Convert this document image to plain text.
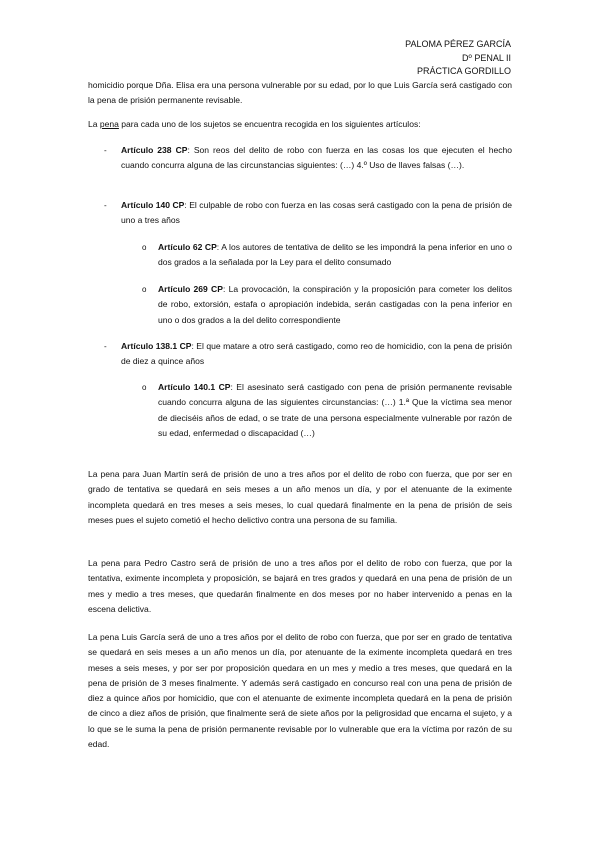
PALOMA PÉREZ GARCÍA
Dº PENAL II
PRÁCTICA GORDILLO

homicidio porque Dña. Elisa era una persona vulnerable por su edad, por lo que Luis García será castigado con la pena de prisión permanente revisable.

La pena para cada uno de los sujetos se encuentra recogida en los siguientes artículos:

- Artículo 238 CP: Son reos del delito de robo con fuerza en las cosas los que ejecuten el hecho cuando concurra alguna de las circunstancias siguientes: (…) 4.º Uso de llaves falsas (…).

- Artículo 140 CP: El culpable de robo con fuerza en las cosas será castigado con la pena de prisión de uno a tres años

o Artículo 62 CP: A los autores de tentativa de delito se les impondrá la pena inferior en uno o dos grados a la señalada por la Ley para el delito consumado

o Artículo 269 CP: La provocación, la conspiración y la proposición para cometer los delitos de robo, extorsión, estafa o apropiación indebida, serán castigadas con la pena inferior en uno o dos grados a la del delito correspondiente

- Artículo 138.1 CP: El que matare a otro será castigado, como reo de homicidio, con la pena de prisión de diez a quince años

o Artículo 140.1 CP: El asesinato será castigado con pena de prisión permanente revisable cuando concurra alguna de las siguientes circunstancias: (…) 1.ª Que la víctima sea menor de dieciséis años de edad, o se trate de una persona especialmente vulnerable por razón de su edad, enfermedad o discapacidad (…)

La pena para Juan Martín será de prisión de uno a tres años por el delito de robo con fuerza, que por ser en grado de tentativa se quedará en seis meses a un año menos un día, y por el atenuante de la eximente incompleta quedará en tres meses a seis meses, lo cual quedará finalmente en la pena de prisión de seis meses pues el sujeto cometió el hecho delictivo contra una persona de su familia.

La pena para Pedro Castro será de prisión de uno a tres años por el delito de robo con fuerza, que por la tentativa, eximente incompleta y proposición, se bajará en tres grados y quedará en una pena de prisión de un mes y medio a tres meses, que quedarán finalmente en dos meses por no haber intervenido a penas en la escena delictiva.

La pena Luis García será de uno a tres años por el delito de robo con fuerza, que por ser en grado de tentativa se quedará en seis meses a un año menos un día, por atenuante de la eximente incompleta quedará en tres meses a seis meses, y por ser por proposición quedara en un mes y medio a tres meses, que quedará en la pena de prisión de 3 meses finalmente. Y además será castigado en concurso real con una pena de prisión de diez a quince años por homicidio, que con el atenuante de eximente incompleta quedará en la pena de prisión de cinco a diez años de prisión, que finalmente será de siete años por la peligrosidad que encarna el sujeto, y a lo que se le suma la pena de prisión permanente revisable por lo vulnerable que era la víctima por razón de su edad.
